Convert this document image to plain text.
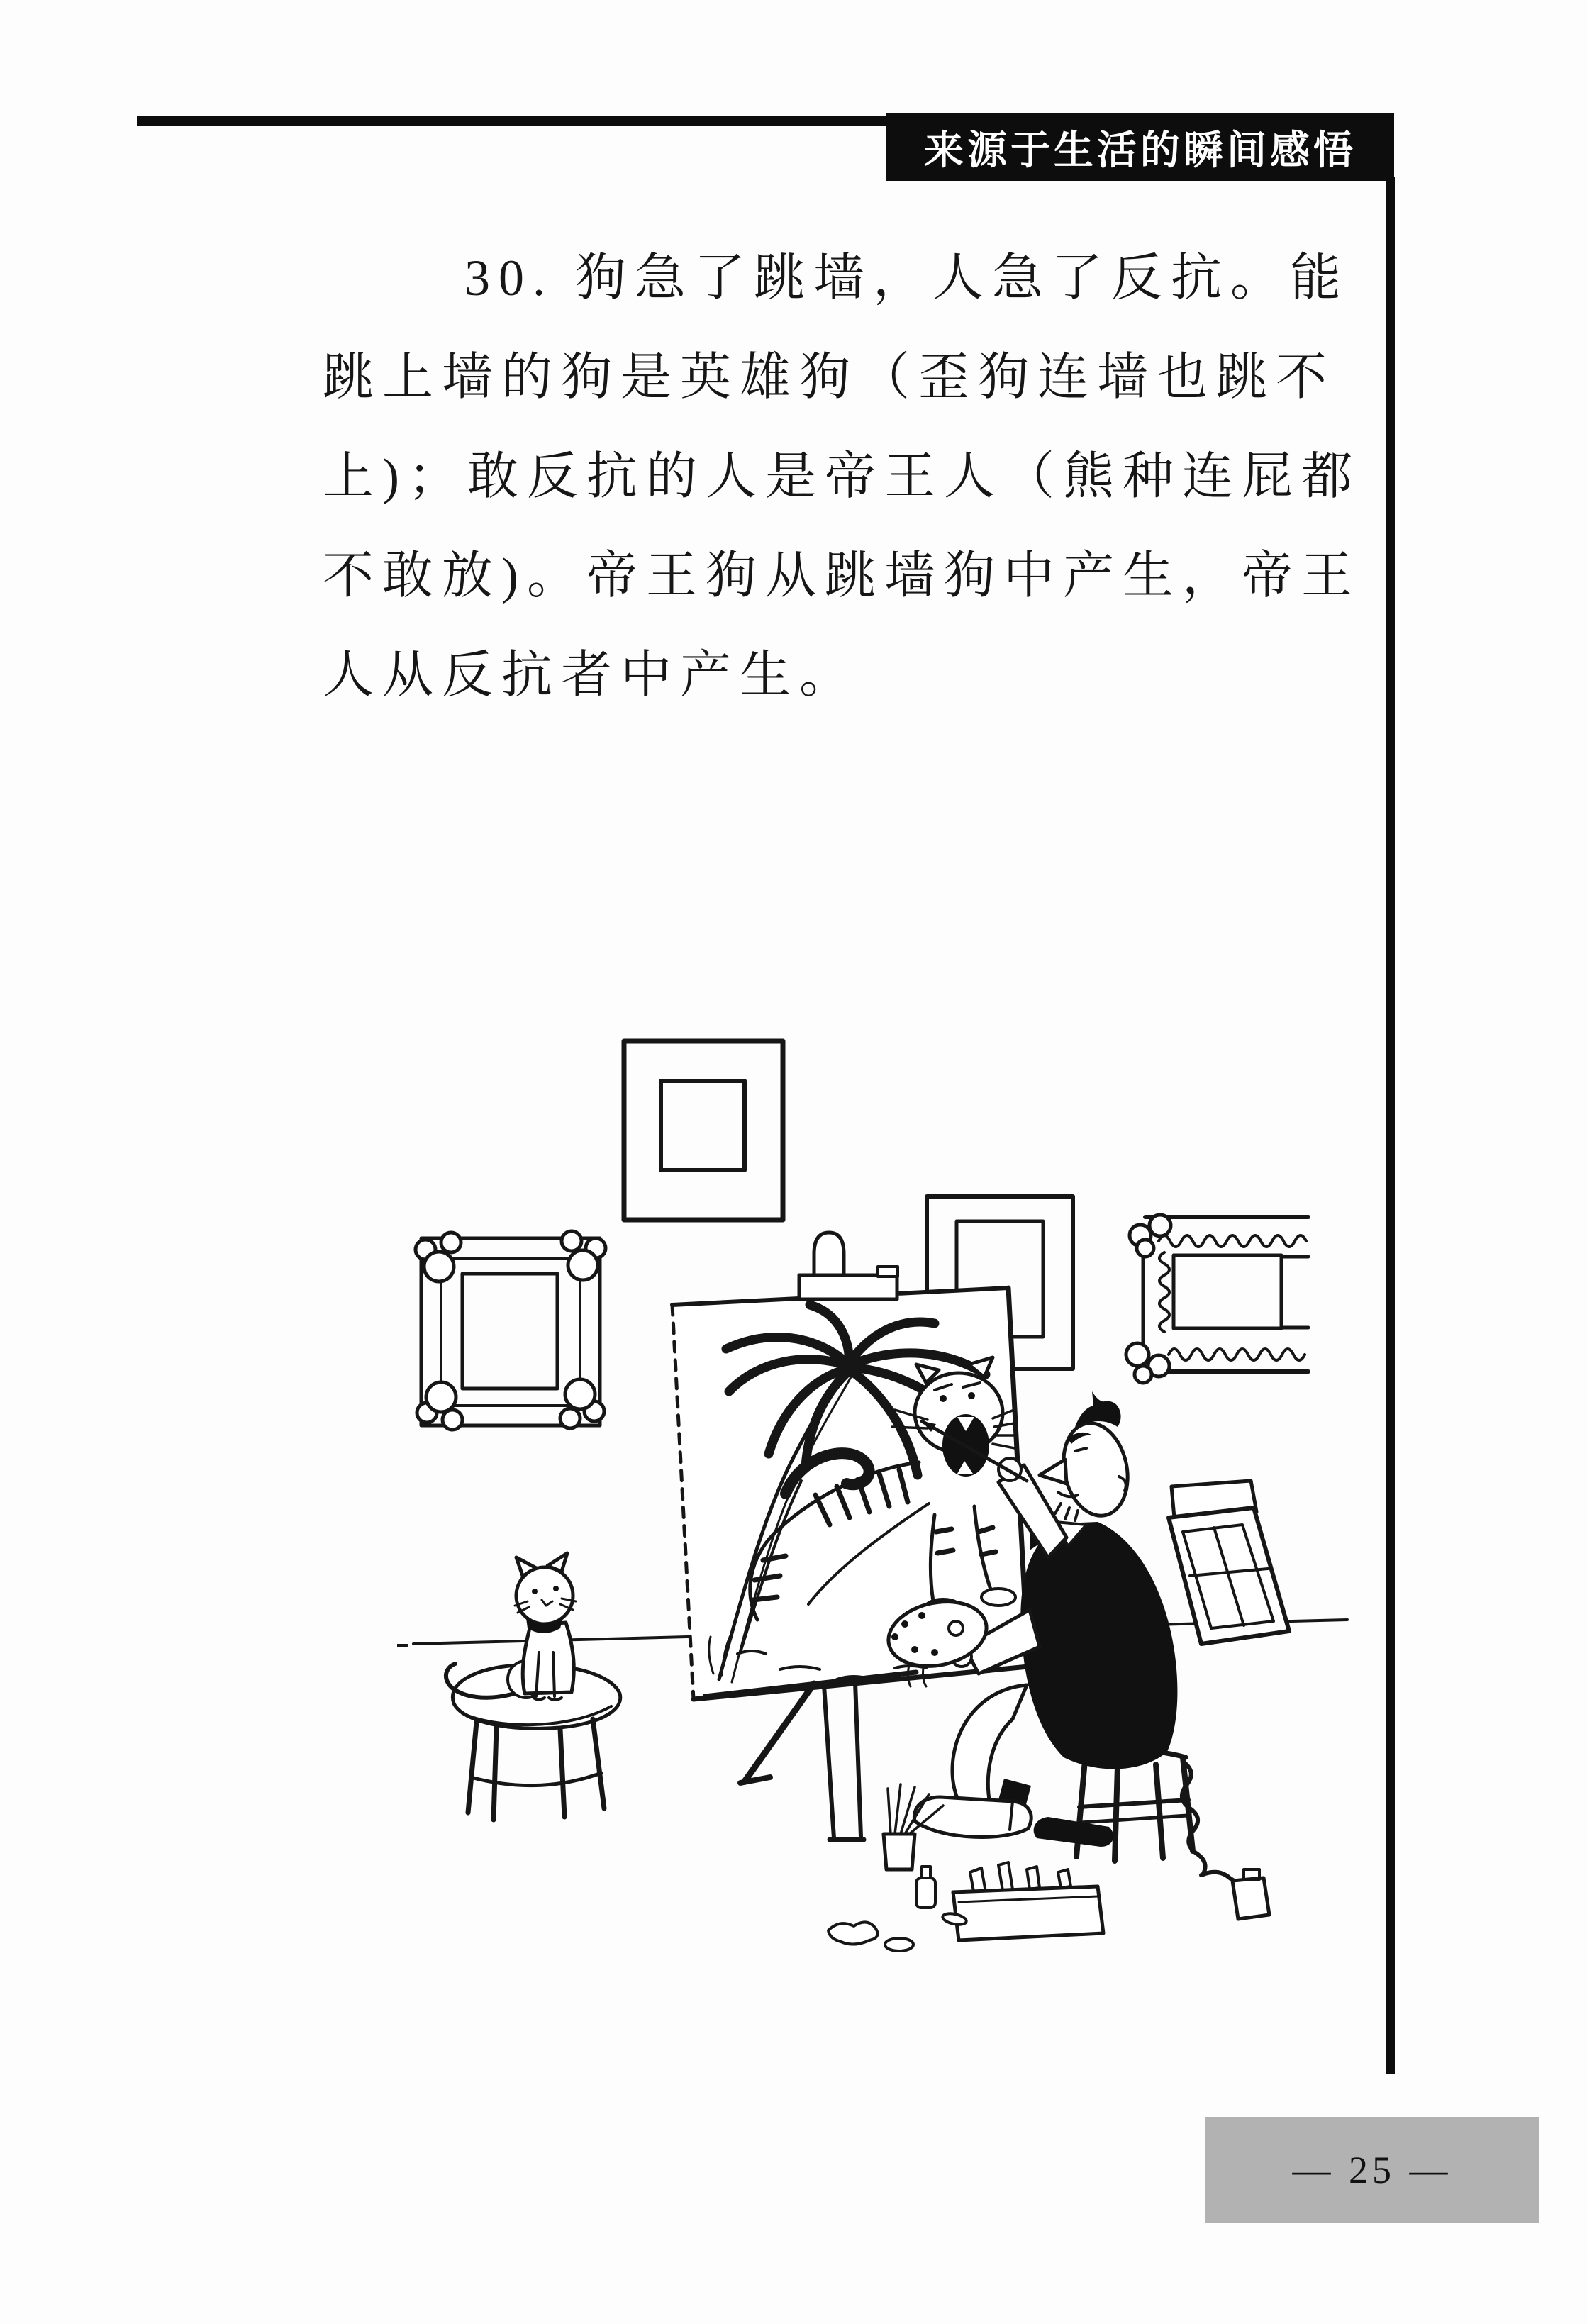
来源于生活的瞬间感悟
30. 狗急了跳墙，人急了反抗。能
跳上墙的狗是英雄狗（歪狗连墙也跳不
上)；敢反抗的人是帝王人（熊种连屁都
不敢放)。帝王狗从跳墙狗中产生，帝王
人从反抗者中产生。
— 25 —
